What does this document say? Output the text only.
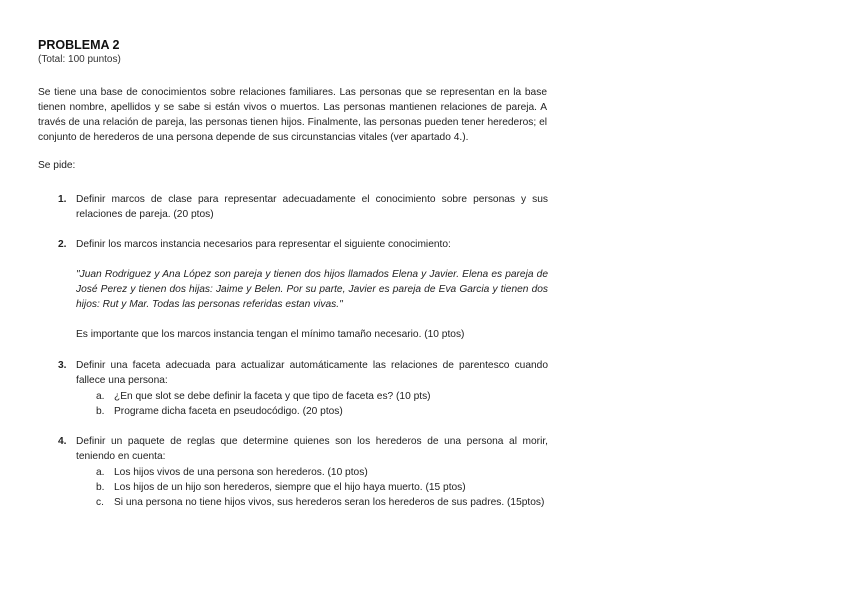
PROBLEMA 2
(Total: 100 puntos)
Se tiene una base de conocimientos sobre relaciones familiares. Las personas que se representan en la base tienen nombre, apellidos y se sabe si están vivos o muertos. Las personas mantienen relaciones de pareja. A través de una relación de pareja, las personas tienen hijos. Finalmente, las personas pueden tener herederos; el conjunto de herederos de una persona depende de sus circunstancias vitales (ver apartado 4.).
Se pide:
1. Definir marcos de clase para representar adecuadamente el conocimiento sobre personas y sus relaciones de pareja. (20 ptos)
2. Definir los marcos instancia necesarios para representar el siguiente conocimiento:
"Juan Rodriguez y Ana López son pareja y tienen dos hijos llamados Elena y Javier. Elena es pareja de José Perez y tienen dos hijas: Jaime y Belen. Por su parte, Javier es pareja de Eva Garcia y tienen dos hijos: Rut y Mar. Todas las personas referidas estan vivas."
Es importante que los marcos instancia tengan el mínimo tamaño necesario. (10 ptos)
3. Definir una faceta adecuada para actualizar automáticamente las relaciones de parentesco cuando fallece una persona:
a. ¿En que slot se debe definir la faceta y que tipo de faceta es? (10 pts)
b. Programe dicha faceta en pseudocódigo. (20 ptos)
4. Definir un paquete de reglas que determine quienes son los herederos de una persona al morir, teniendo en cuenta:
a. Los hijos vivos de una persona son herederos. (10 ptos)
b. Los hijos de un hijo son herederos, siempre que el hijo haya muerto. (15 ptos)
c. Si una persona no tiene hijos vivos, sus herederos seran los herederos de sus padres. (15ptos)
